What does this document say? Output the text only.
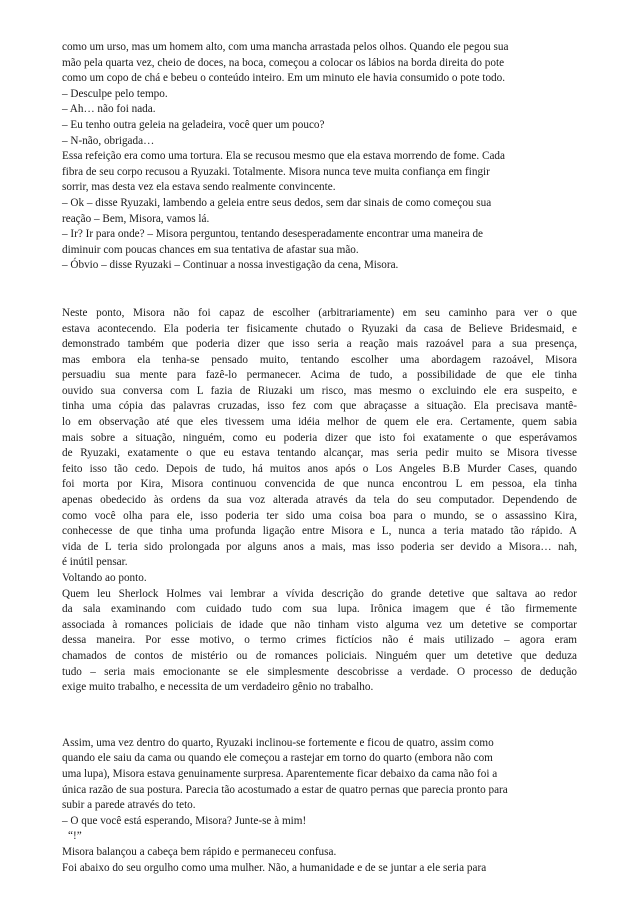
como um urso, mas um homem alto, com uma mancha arrastada pelos olhos. Quando ele pegou sua
mão pela quarta vez, cheio de doces, na boca, começou a colocar os lábios na borda direita do pote
como um copo de chá e bebeu o conteúdo inteiro. Em um minuto ele havia consumido o pote todo.
– Desculpe pelo tempo.
– Ah… não foi nada.
– Eu tenho outra geleia na geladeira, você quer um pouco?
– N-não, obrigada…
Essa refeição era como uma tortura. Ela se recusou mesmo que ela estava morrendo de fome. Cada
fibra de seu corpo recusou a Ryuzaki. Totalmente. Misora nunca teve muita confiança em fingir
sorrir, mas desta vez ela estava sendo realmente convincente.
– Ok – disse Ryuzaki, lambendo a geleia entre seus dedos, sem dar sinais de como começou sua
reação – Bem, Misora, vamos lá.
– Ir? Ir para onde? – Misora perguntou, tentando desesperadamente encontrar uma maneira de
diminuir com poucas chances em sua tentativa de afastar sua mão.
– Óbvio – disse Ryuzaki – Continuar a nossa investigação da cena, Misora.
Neste ponto, Misora não foi capaz de escolher (arbitrariamente) em seu caminho para ver o que
estava acontecendo. Ela poderia ter fisicamente chutado o Ryuzaki da casa de Believe Bridesmaid, e
demonstrado também que poderia dizer que isso seria a reação mais razoável para a sua presença,
mas embora ela tenha-se pensado muito, tentando escolher uma abordagem razoável, Misora
persuadiu sua mente para fazê-lo permanecer. Acima de tudo, a possibilidade de que ele tinha
ouvido sua conversa com L fazia de Riuzaki um risco, mas mesmo o excluindo ele era suspeito, e
tinha uma cópia das palavras cruzadas, isso fez com que abraçasse a situação. Ela precisava mantê-
lo em observação até que eles tivessem uma idéia melhor de quem ele era. Certamente, quem sabia
mais sobre a situação, ninguém, como eu poderia dizer que isto foi exatamente o que esperávamos
de Ryuzaki, exatamente o que eu estava tentando alcançar, mas seria pedir muito se Misora tivesse
feito isso tão cedo. Depois de tudo, há muitos anos após o Los Angeles B.B Murder Cases, quando
foi morta por Kira, Misora continuou convencida de que nunca encontrou L em pessoa, ela tinha
apenas obedecido às ordens da sua voz alterada através da tela do seu computador. Dependendo de
como você olha para ele, isso poderia ter sido uma coisa boa para o mundo, se o assassino Kira,
conhecesse de que tinha uma profunda ligação entre Misora e L, nunca a teria matado tão rápido. A
vida de L teria sido prolongada por alguns anos a mais, mas isso poderia ser devido a Misora… nah,
é inútil pensar.
Voltando ao ponto.
Quem leu Sherlock Holmes vai lembrar a vívida descrição do grande detetive que saltava ao redor
da sala examinando com cuidado tudo com sua lupa. Irônica imagem que é tão firmemente
associada à romances policiais de idade que não tinham visto alguma vez um detetive se comportar
dessa maneira. Por esse motivo, o termo crimes fictícios não é mais utilizado – agora eram
chamados de contos de mistério ou de romances policiais. Ninguém quer um detetive que deduza
tudo – seria mais emocionante se ele simplesmente descobrisse a verdade. O processo de dedução
exige muito trabalho, e necessita de um verdadeiro gênio no trabalho.
Assim, uma vez dentro do quarto, Ryuzaki inclinou-se fortemente e ficou de quatro, assim como
quando ele saiu da cama ou quando ele começou a rastejar em torno do quarto (embora não com
uma lupa), Misora estava genuinamente surpresa. Aparentemente ficar debaixo da cama não foi a
única razão de sua postura. Parecia tão acostumado a estar de quatro pernas que parecia pronto para
subir a parede através do teto.
– O que você está esperando, Misora? Junte-se à mim!
“!”
Misora balançou a cabeça bem rápido e permaneceu confusa.
Foi abaixo do seu orgulho como uma mulher. Não, a humanidade e de se juntar a ele seria para
